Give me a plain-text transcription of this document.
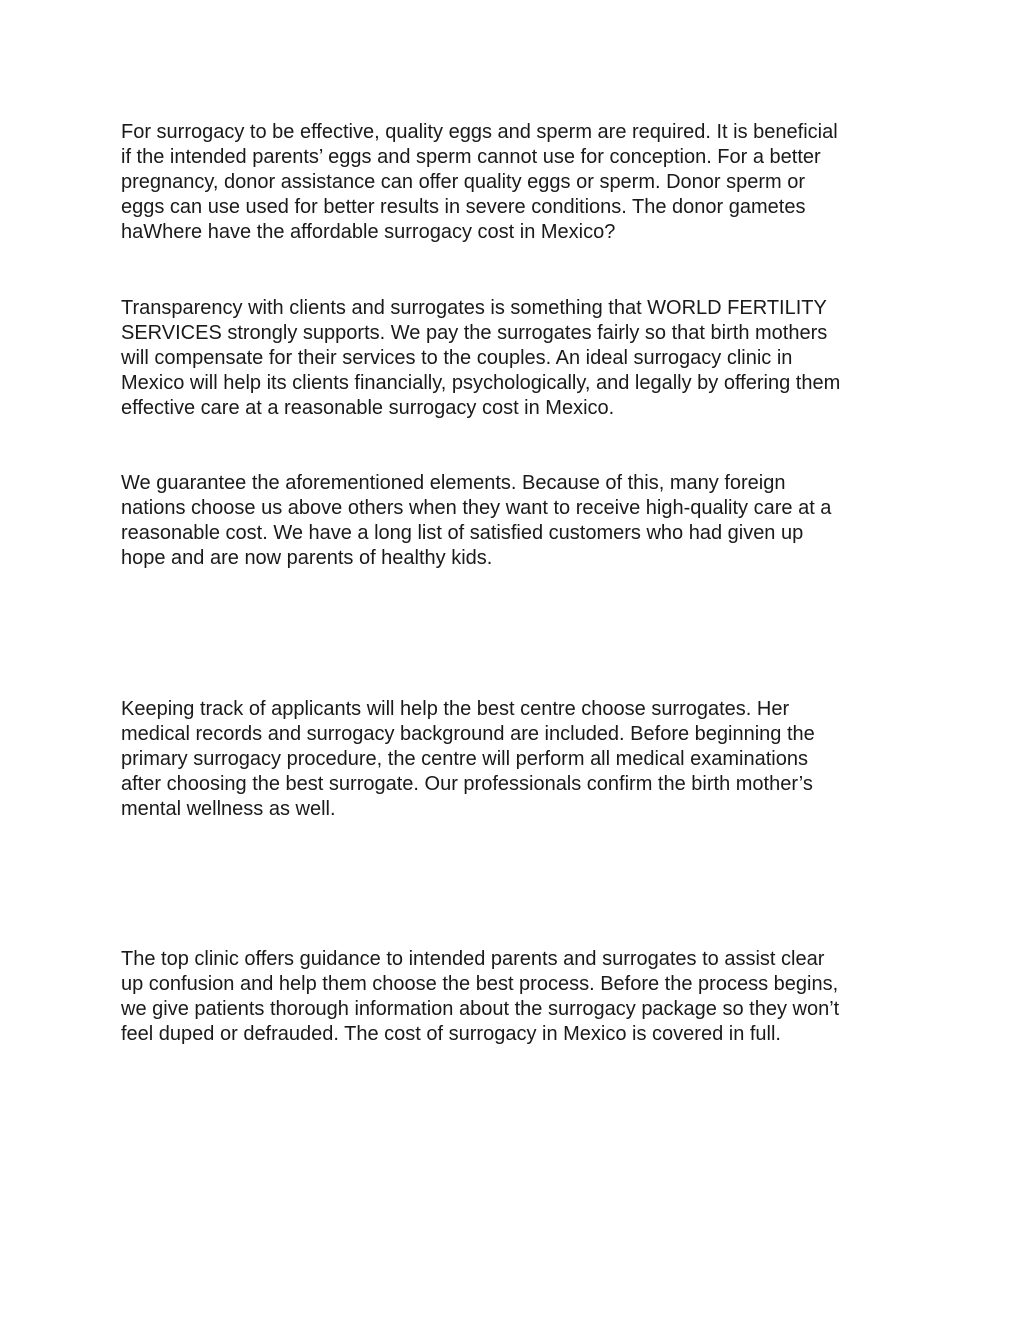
For surrogacy to be effective, quality eggs and sperm are required. It is beneficial
if the intended parents’ eggs and sperm cannot use for conception. For a better
pregnancy, donor assistance can offer quality eggs or sperm. Donor sperm or
eggs can use used for better results in severe conditions. The donor gametes
haWhere have the affordable surrogacy cost in Mexico?

Transparency with clients and surrogates is something that WORLD FERTILITY
SERVICES strongly supports. We pay the surrogates fairly so that birth mothers
will compensate for their services to the couples. An ideal surrogacy clinic in
Mexico will help its clients financially, psychologically, and legally by offering them
effective care at a reasonable surrogacy cost in Mexico.

We guarantee the aforementioned elements. Because of this, many foreign
nations choose us above others when they want to receive high-quality care at a
reasonable cost. We have a long list of satisfied customers who had given up
hope and are now parents of healthy kids.

Keeping track of applicants will help the best centre choose surrogates. Her
medical records and surrogacy background are included. Before beginning the
primary surrogacy procedure, the centre will perform all medical examinations
after choosing the best surrogate. Our professionals confirm the birth mother’s
mental wellness as well.

The top clinic offers guidance to intended parents and surrogates to assist clear
up confusion and help them choose the best process. Before the process begins,
we give patients thorough information about the surrogacy package so they won’t
feel duped or defrauded. The cost of surrogacy in Mexico is covered in full.
